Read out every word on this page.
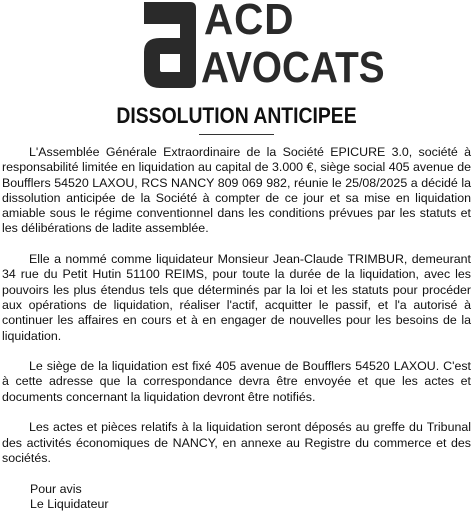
ACD
AVOCATS
DISSOLUTION ANTICIPEE

L'Assemblée Générale Extraordinaire de la Société EPICURE 3.0, société à responsabilité limitée en liquidation au capital de 3.000 €, siège social 405 avenue de Boufflers 54520 LAXOU, RCS NANCY 809 069 982, réunie le 25/08/2025 a décidé la dissolution anticipée de la Société à compter de ce jour et sa mise en liquidation amiable sous le régime conventionnel dans les conditions prévues par les statuts et les délibérations de ladite assemblée.

Elle a nommé comme liquidateur Monsieur Jean-Claude TRIMBUR, demeurant 34 rue du Petit Hutin 51100 REIMS, pour toute la durée de la liquidation, avec les pouvoirs les plus étendus tels que déterminés par la loi et les statuts pour procéder aux opérations de liquidation, réaliser l'actif, acquitter le passif, et l'a autorisé à continuer les affaires en cours et à en engager de nouvelles pour les besoins de la liquidation.

Le siège de la liquidation est fixé 405 avenue de Boufflers 54520 LAXOU. C'est à cette adresse que la correspondance devra être envoyée et que les actes et documents concernant la liquidation devront être notifiés.

Les actes et pièces relatifs à la liquidation seront déposés au greffe du Tribunal des activités économiques de NANCY, en annexe au Registre du commerce et des sociétés.

Pour avis

Le Liquidateur
